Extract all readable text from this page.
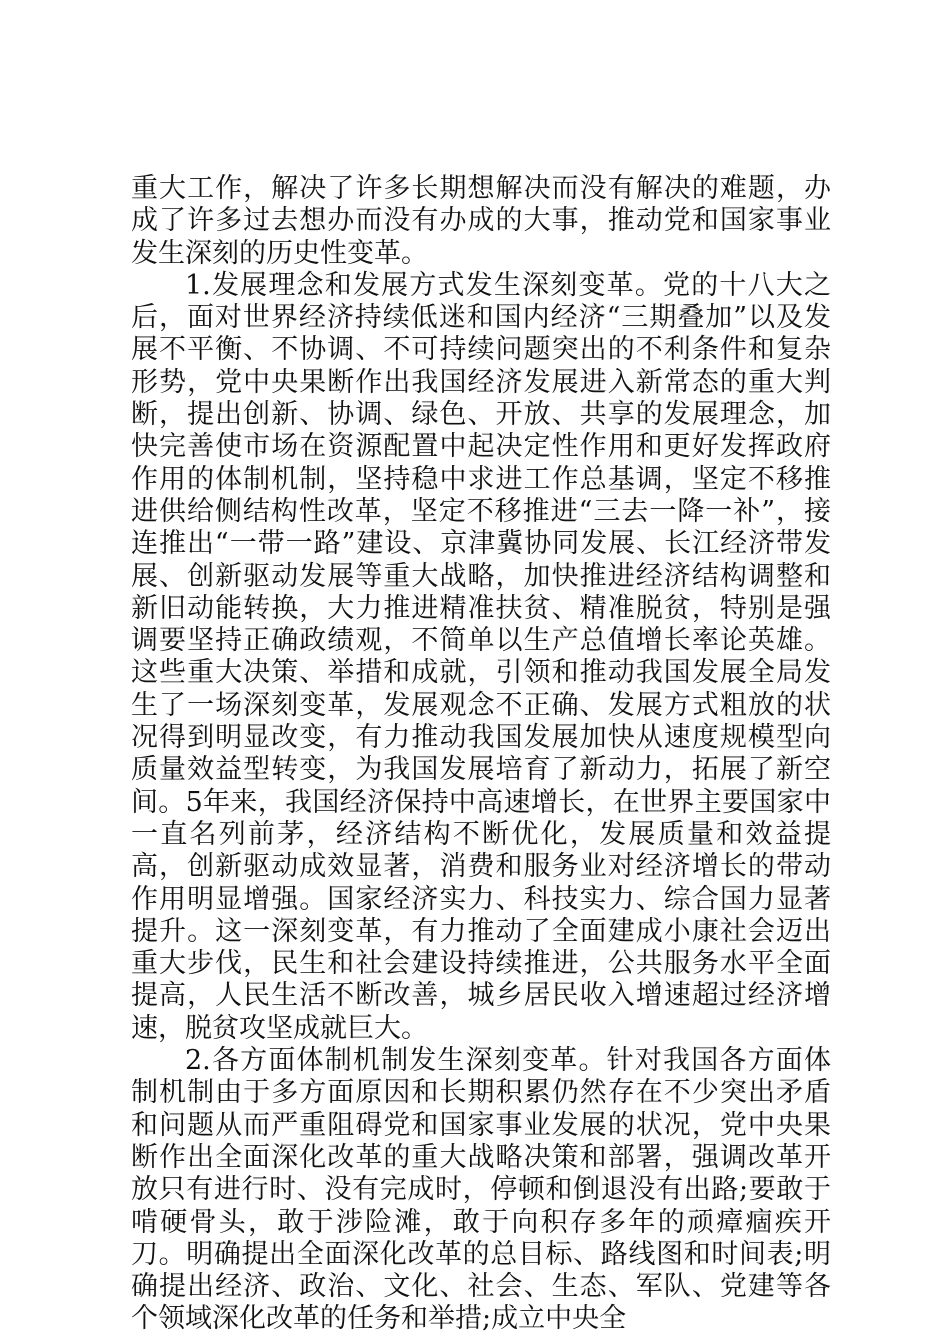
重大工作，解决了许多长期想解决而没有解决的难题，办成了许多过去想办而没有办成的大事，推动党和国家事业发生深刻的历史性变革。

1.发展理念和发展方式发生深刻变革。党的十八大之后，面对世界经济持续低迷和国内经济“三期叠加”以及发展不平衡、不协调、不可持续问题突出的不利条件和复杂形势，党中央果断作出我国经济发展进入新常态的重大判断，提出创新、协调、绿色、开放、共享的发展理念，加快完善使市场在资源配置中起决定性作用和更好发挥政府作用的体制机制，坚持稳中求进工作总基调，坚定不移推进供给侧结构性改革，坚定不移推进“三去一降一补”，接连推出“一带一路”建设、京津冀协同发展、长江经济带发展、创新驱动发展等重大战略，加快推进经济结构调整和新旧动能转换，大力推进精准扶贫、精准脱贫，特别是强调要坚持正确政绩观，不简单以生产总值增长率论英雄。这些重大决策、举措和成就，引领和推动我国发展全局发生了一场深刻变革，发展观念不正确、发展方式粗放的状况得到明显改变，有力推动我国发展加快从速度规模型向质量效益型转变，为我国发展培育了新动力，拓展了新空间。5年来，我国经济保持中高速增长，在世界主要国家中一直名列前茅，经济结构不断优化，发展质量和效益提高，创新驱动成效显著，消费和服务业对经济增长的带动作用明显增强。国家经济实力、科技实力、综合国力显著提升。这一深刻变革，有力推动了全面建成小康社会迈出重大步伐，民生和社会建设持续推进，公共服务水平全面提高，人民生活不断改善，城乡居民收入增速超过经济增速，脱贫攻坚成就巨大。

2.各方面体制机制发生深刻变革。针对我国各方面体制机制由于多方面原因和长期积累仍然存在不少突出矛盾和问题从而严重阻碍党和国家事业发展的状况，党中央果断作出全面深化改革的重大战略决策和部署，强调改革开放只有进行时、没有完成时，停顿和倒退没有出路;要敢于啃硬骨头，敢于涉险滩，敢于向积存多年的顽瘴痼疾开刀。明确提出全面深化改革的总目标、路线图和时间表;明确提出经济、政治、文化、社会、生态、军队、党建等各个领域深化改革的任务和举措;成立中央全
